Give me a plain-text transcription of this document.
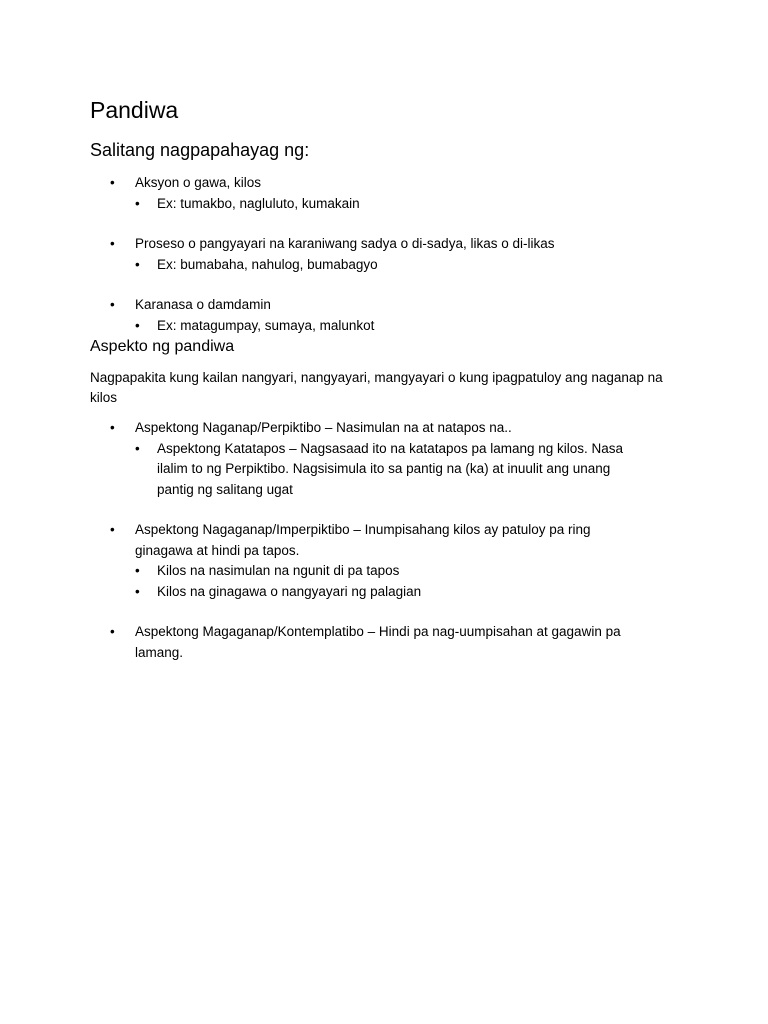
Pandiwa
Salitang nagpapahayag ng:
• Aksyon o gawa, kilos
• Ex: tumakbo, nagluluto, kumakain
• Proseso o pangyayari na karaniwang sadya o di-sadya, likas o di-likas
• Ex: bumabaha, nahulog, bumabagyo
• Karanasa o damdamin
• Ex: matagumpay, sumaya, malunkot
Aspekto ng pandiwa

Nagpapakita kung kailan nangyari, nangyayari, mangyayari o kung ipagpatuloy ang naganap na kilos

• Aspektong Naganap/Perpiktibo – Nasimulan na at natapos na..
• Aspektong Katatapos – Nagsasaad ito na katatapos pa lamang ng kilos. Nasa ilalim to ng Perpiktibo. Nagsisimula ito sa pantig na (ka) at inuulit ang unang pantig ng salitang ugat
• Aspektong Nagaganap/Imperpiktibo – Inumpisahang kilos ay patuloy pa ring ginagawa at hindi pa tapos.
• Kilos na nasimulan na ngunit di pa tapos
• Kilos na ginagawa o nangyayari ng palagian
• Aspektong Magaganap/Kontemplatibo – Hindi pa nag-uumpisahan at gagawin pa lamang.
